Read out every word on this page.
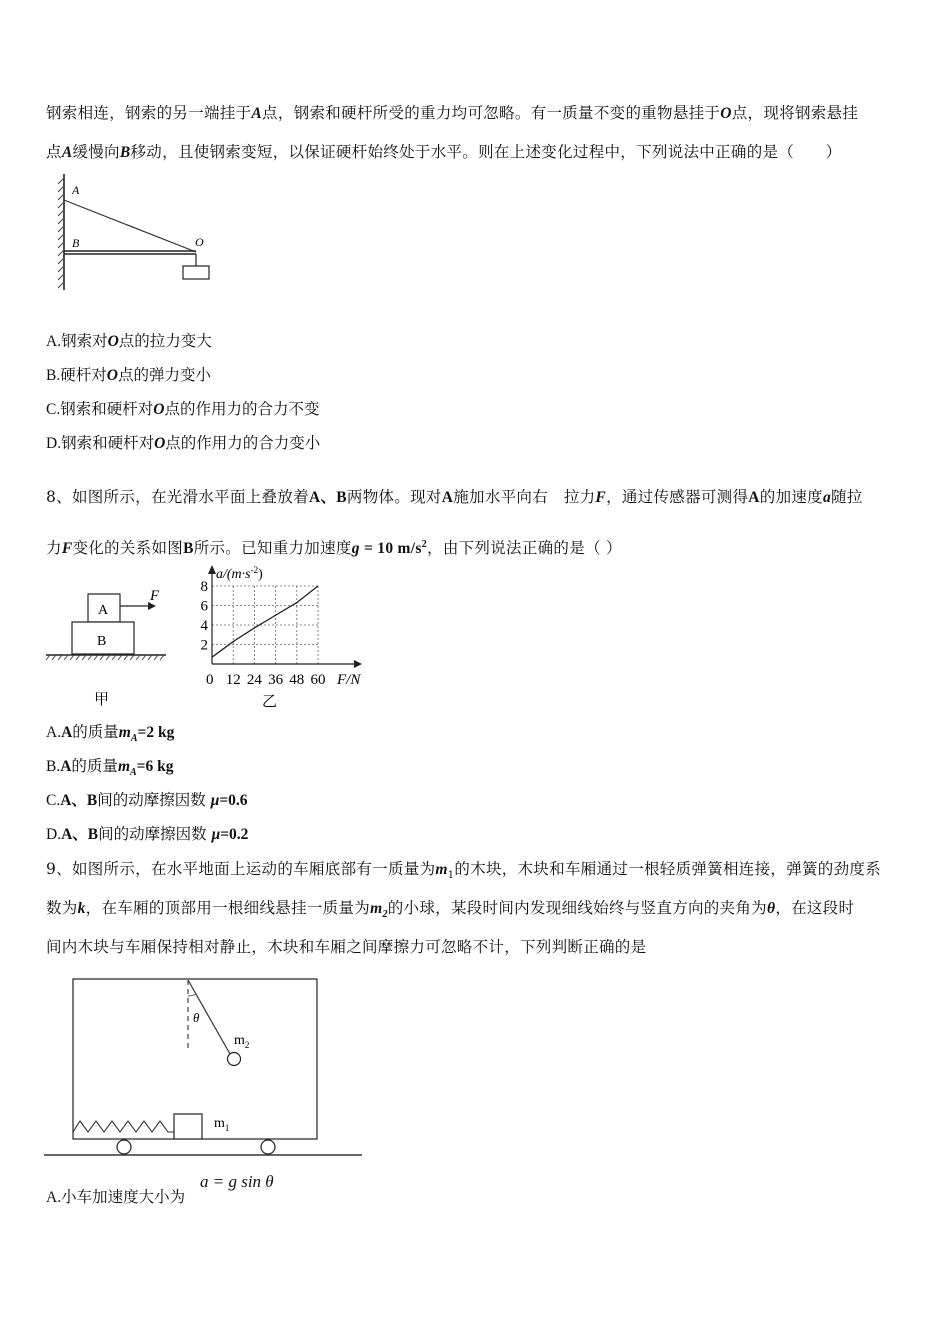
钢索相连，钢索的另一端挂于A点，钢索和硬杆所受的重力均可忽略。有一质量不变的重物悬挂于O点，现将钢索悬挂
点A缓慢向B移动，且使钢索变短，以保证硬杆始终处于水平。则在上述变化过程中，下列说法中正确的是（　　）
A
B	O
A.钢索对O点的拉力变大
B.硬杆对O点的弹力变小
C.钢索和硬杆对O点的作用力的合力不变
D.钢索和硬杆对O点的作用力的合力变小
8、如图所示，在光滑水平面上叠放着A、B两物体。现对A施加水平向右　拉力F，通过传感器可测得A的加速度a随拉
力F变化的关系如图B所示。已知重力加速度g = 10 $m/s^2$，由下列说法正确的是（ ）
A
B
F
甲
12 24 36 48 60
2
4
6
8
$a/(m\cdot s^{-2})$
F/N
0
乙
A.A的质量$m_A=2$ kg
B.A的质量$m_A=6$ kg
C.A、B间的动摩擦因数 μ=0.6
D.A、B间的动摩擦因数 μ=0.2
9、如图所示，在水平地面上运动的车厢底部有一质量为$m_1$的木块，木块和车厢通过一根轻质弹簧相连接，弹簧的劲度系
数为k，在车厢的顶部用一根细线悬挂一质量为$m_2$的小球，某段时间内发现细线始终与竖直方向的夹角为θ，在这段时
间内木块与车厢保持相对静止，木块和车厢之间摩擦力可忽略不计，下列判断正确的是
θ
$m_2$
$m_1$
A.小车加速度大小为
a = g sin θ
